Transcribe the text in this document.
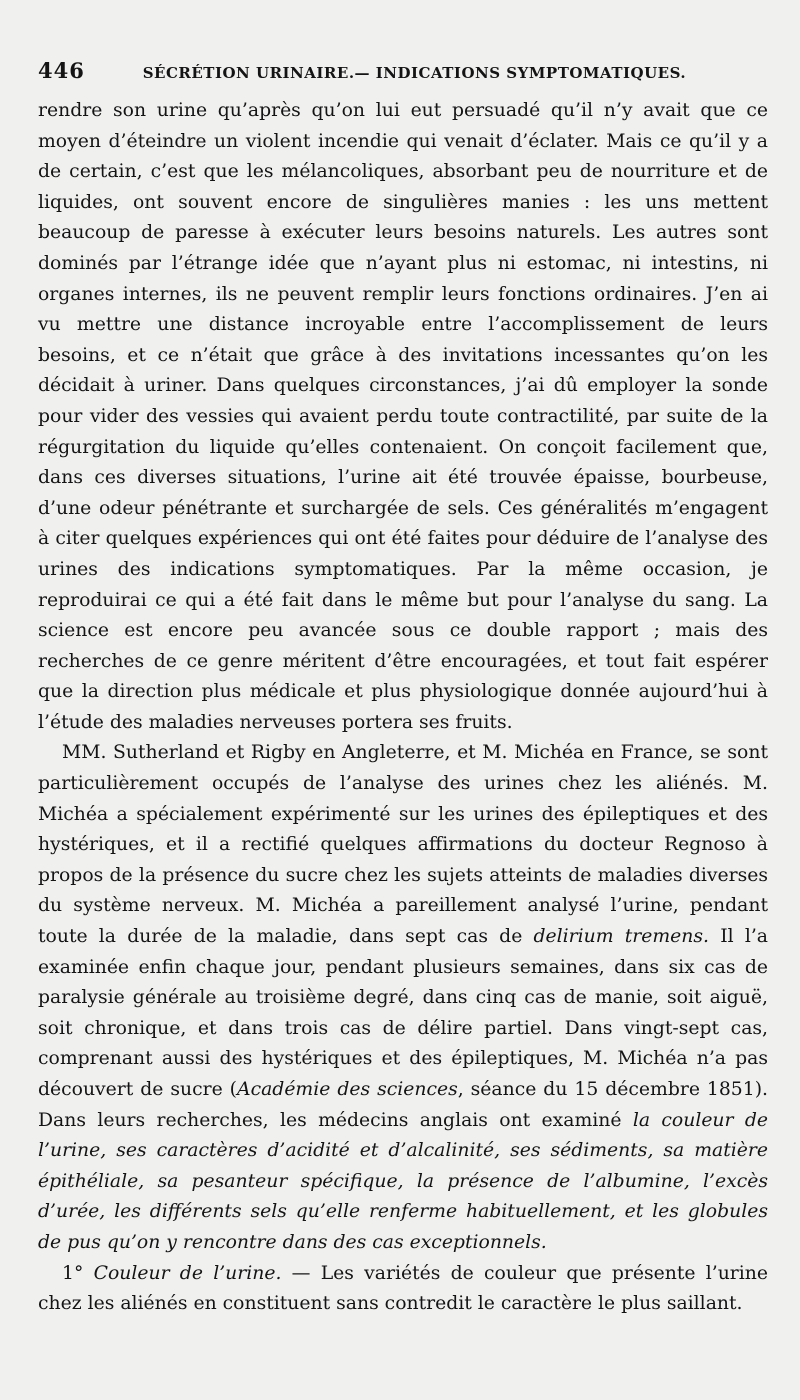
446	SÉCRÉTION URINAIRE.— INDICATIONS SYMPTOMATIQUES.

rendre son urine qu’après qu’on lui eut persuadé qu’il n’y avait que ce moyen d’éteindre un violent incendie qui venait d’éclater. Mais ce qu’il y a de certain, c’est que les mélancoliques, absorbant peu de nourriture et de liquides, ont souvent encore de singulières manies : les uns mettent beaucoup de paresse à exécuter leurs besoins naturels. Les autres sont dominés par l’étrange idée que n’ayant plus ni estomac, ni intestins, ni organes internes, ils ne peuvent remplir leurs fonctions ordinaires. J’en ai vu mettre une distance incroyable entre l’accomplissement de leurs besoins, et ce n’était que grâce à des invitations incessantes qu’on les décidait à uriner. Dans quelques circonstances, j’ai dû employer la sonde pour vider des vessies qui avaient perdu toute contractilité, par suite de la régurgitation du liquide qu’elles contenaient. On conçoit facilement que, dans ces diverses situations, l’urine ait été trouvée épaisse, bourbeuse, d’une odeur pénétrante et surchargée de sels. Ces généralités m’engagent à citer quelques expériences qui ont été faites pour déduire de l’analyse des urines des indications symptomatiques. Par la même occasion, je reproduirai ce qui a été fait dans le même but pour l’analyse du sang. La science est encore peu avancée sous ce double rapport ; mais des recherches de ce genre méritent d’être encouragées, et tout fait espérer que la direction plus médicale et plus physiologique donnée aujourd’hui à l’étude des maladies nerveuses portera ses fruits.

MM. Sutherland et Rigby en Angleterre, et M. Michéa en France, se sont particulièrement occupés de l’analyse des urines chez les aliénés. M. Michéa a spécialement expérimenté sur les urines des épileptiques et des hystériques, et il a rectifié quelques affirmations du docteur Regnoso à propos de la présence du sucre chez les sujets atteints de maladies diverses du système nerveux. M. Michéa a pareillement analysé l’urine, pendant toute la durée de la maladie, dans sept cas de delirium tremens. Il l’a examinée enfin chaque jour, pendant plusieurs semaines, dans six cas de paralysie générale au troisième degré, dans cinq cas de manie, soit aiguë, soit chronique, et dans trois cas de délire partiel. Dans vingt-sept cas, comprenant aussi des hystériques et des épileptiques, M. Michéa n’a pas découvert de sucre (Académie des sciences, séance du 15 décembre 1851). Dans leurs recherches, les médecins anglais ont examiné la couleur de l’urine, ses caractères d’acidité et d’alcalinité, ses sédiments, sa matière épithéliale, sa pesanteur spécifique, la présence de l’albumine, l’excès d’urée, les différents sels qu’elle renferme habituellement, et les globules de pus qu’on y rencontre dans des cas exceptionnels.

1° Couleur de l’urine. — Les variétés de couleur que présente l’urine chez les aliénés en constituent sans contredit le caractère le plus saillant.
